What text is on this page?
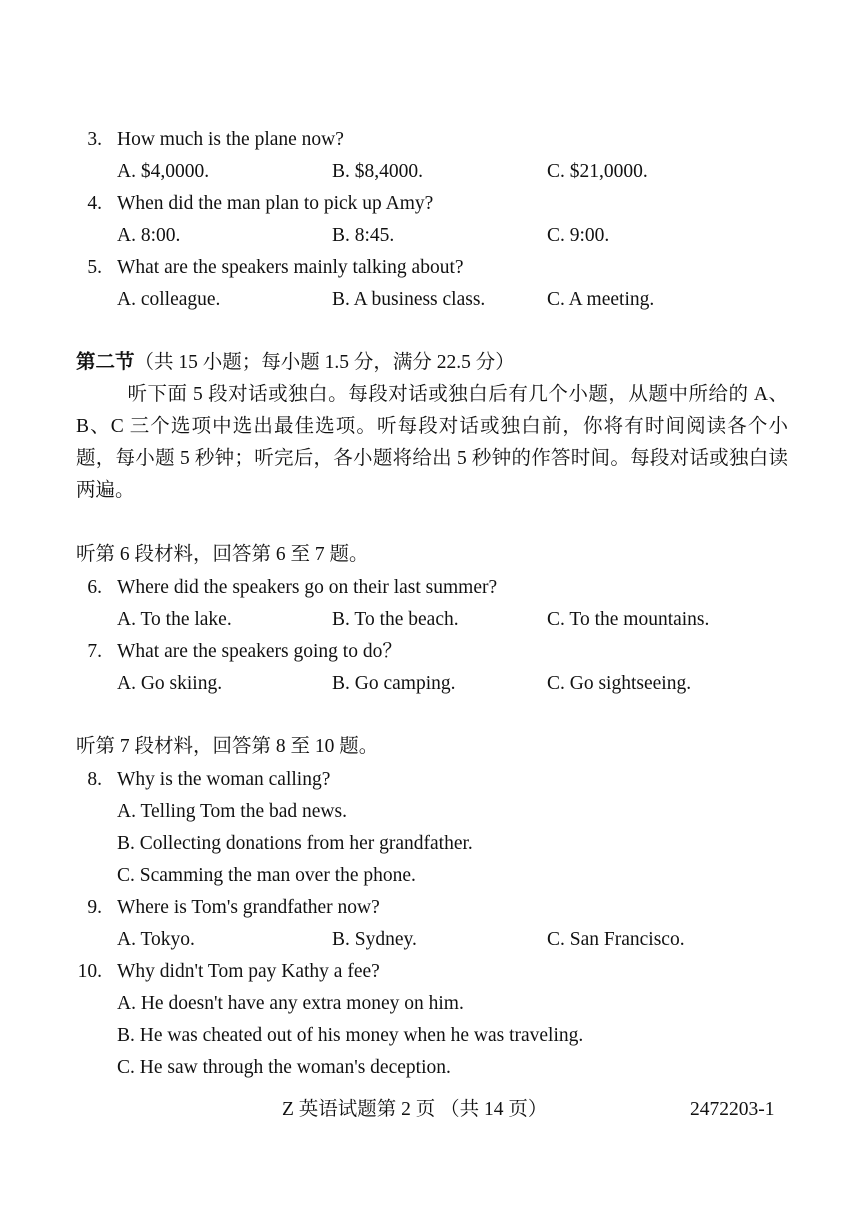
3. How much is the plane now?
A. $4,0000.	B. $8,4000.	C. $21,0000.
4. When did the man plan to pick up Amy?
A. 8:00.	B. 8:45.	C. 9:00.
5. What are the speakers mainly talking about?
A. colleague.	B. A business class.	C. A meeting.
第二节（共 15 小题；每小题 1.5 分，满分 22.5 分）
听下面 5 段对话或独白。每段对话或独白后有几个小题，从题中所给的 A、B、C 三个选项中选出最佳选项。听每段对话或独白前，你将有时间阅读各个小题，每小题 5 秒钟；听完后，各小题将给出 5 秒钟的作答时间。每段对话或独白读两遍。
听第 6 段材料，回答第 6 至 7 题。
6. Where did the speakers go on their last summer?
A. To the lake.	B. To the beach.	C. To the mountains.
7. What are the speakers going to do？
A. Go skiing.	B. Go camping.	C. Go sightseeing.
听第 7 段材料，回答第 8 至 10 题。
8. Why is the woman calling?
A. Telling Tom the bad news.
B. Collecting donations from her grandfather.
C. Scamming the man over the phone.
9. Where is Tom's grandfather now?
A. Tokyo.	B. Sydney.	C. San Francisco.
10. Why didn't Tom pay Kathy a fee?
A. He doesn't have any extra money on him.
B. He was cheated out of his money when he was traveling.
C. He saw through the woman's deception.
Z 英语试题第 2 页 （共 14 页）	2472203-1
